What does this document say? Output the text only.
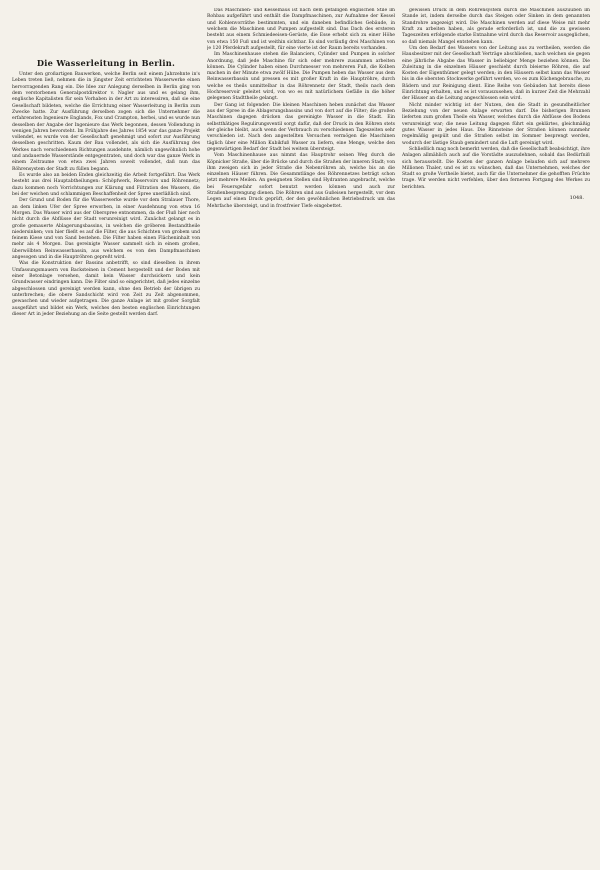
Die Wasserleitung in Berlin.

Unter den großartigen Bauwerken, welche Berlin seit einem Jahrzehnte in's Leben treten ließ, nehmen die in jüngster Zeit errichteten Wasserwerke einen hervorragenden Rang ein. Die Idee zur Anlegung derselben in Berlin ging von dem verstorbenen Generalpostdirektor v. Nagler aus und es gelang ihm, englische Kapitalisten für sein Vorhaben in der Art zu interessiren, daß sie eine Gesellschaft bildeten, welche die Errichtung einer Wasserleitung in Berlin zum Zwecke hatte. Zur Ausführung derselben zogen sich die Unternehmer die erfahrensten Ingenieure Englands, Fox und Crampton, herbei, und es wurde nun desselben der Angabe der Ingenieure das Werk begonnen, dessen Vollendung in wenigen Jahren bevorsteht. Im Frühjahre des Jahres 1854 war das ganze Projekt vollendet, es wurde von der Gesellschaft genehmigt und sofort zur Ausführung desselben geschritten. Kaum der Bau vollendet, als sich die Ausführung des Werkes nach verschiedenen Richtungen ausdehnte, nämlich ungewöhnlich hohe und andauernde Wasserstände entgegentraten, und doch war das ganze Werk in einem Zeitraume von etwa zwei Jahren soweit vollendet, daß nun das Röhrensystem der Stadt zu füllen begann.

Es wurde also an beiden Enden gleichzeitig die Arbeit fortgeführt. Das Werk besteht aus drei Hauptabtheilungen: Schöpfwerk, Reservoirs und Röhrennetz; dazu kommen noch Vorrichtungen zur Klärung und Filtration des Wassers, die bei der weichen und schlammigen Beschaffenheit der Spree unerläßlich sind.

Der Grund und Boden für die Wasserwerke wurde vor dem Stralauer Thore, an dem linken Ufer der Spree erworben, in einer Ausdehnung von etwa 16 Morgen. Das Wasser wird aus der Oberspree entnommen, da der Fluß hier noch nicht durch die Abflüsse der Stadt verunreinigt wird. Zunächst gelangt es in große gemauerte Ablagerungsbassins, in welchen die gröberen Bestandtheile niedersinken; von hier fließt es auf die Filter, die aus Schichten von grobem und feinem Kiese und von Sand bestehen. Die Filter haben einen Flächeninhalt von mehr als 4 Morgen. Das gereinigte Wasser sammelt sich in einem großen, überwölbten Reinwasserbassin, aus welchem es von den Dampfmaschinen angesogen und in die Hauptröhren gepreßt wird.

Was die Konstruktion der Bassins anbetrifft, so sind dieselben in ihrem Umfassungsmauern von Backsteinen in Cement hergestellt und der Boden mit einer Betonlage versehen, damit kein Wasser durchsickern und kein Grundwasser eindringen kann. Die Filter sind so eingerichtet, daß jedes einzelne abgeschlossen und gereinigt werden kann, ohne den Betrieb der übrigen zu unterbrechen; die obere Sandschicht wird von Zeit zu Zeit abgenommen, gewaschen und wieder aufgetragen. Die ganze Anlage ist mit großer Sorgfalt ausgeführt und bildet ein Werk, welches den besten englischen Einrichtungen dieser Art in jeder Beziehung an die Seite gestellt werden darf.

Das Maschinen- und Kesselhaus ist nach dem gefälligen englischen Stile im Rohbau aufgeführt und enthält die Dampfmaschinen, zur Aufnahme der Kessel und Kohlenvorräthe bestimmten, und ein daneben befindliches Gebäude, in welchem die Maschinen und Pumpen aufgestellt sind. Das Dach des ersteren besteht aus einem Schmiedeeisen-Gerüste, die Esse erhebt sich zu einer Höhe von etwa 150 Fuß und ist weithin sichtbar. Es sind vorläufig drei Maschinen von je 120 Pferdekraft aufgestellt, für eine vierte ist der Raum bereits vorhanden.

Im Maschinenhause stehen die Balanciers, Cylinder und Pumpen in solcher Anordnung, daß jede Maschine für sich oder mehrere zusammen arbeiten können. Die Cylinder haben einen Durchmesser von mehreren Fuß, die Kolben machen in der Minute etwa zwölf Hübe. Die Pumpen heben das Wasser aus dem Reinwasserbassin und pressen es mit großer Kraft in die Hauptröhre, durch welche es theils unmittelbar in das Röhrennetz der Stadt, theils nach dem Hochreservoir geleitet wird, von wo es mit natürlichem Gefälle in die höher gelegenen Stadttheile gelangt.

Der Gang ist folgender: Die kleinen Maschinen heben zunächst das Wasser aus der Spree in die Ablagerungsbassins und von dort auf die Filter; die großen Maschinen dagegen drücken das gereinigte Wasser in die Stadt. Ein selbstthätiges Regulirungsventil sorgt dafür, daß der Druck in den Röhren stets der gleiche bleibt, auch wenn der Verbrauch zu verschiedenen Tageszeiten sehr verschieden ist. Nach den angestellten Versuchen vermögen die Maschinen täglich über eine Million Kubikfuß Wasser zu liefern, eine Menge, welche den gegenwärtigen Bedarf der Stadt bei weitem übersteigt.

Vom Maschinenhause aus nimmt das Hauptrohr seinen Weg durch die Köpnicker Straße, über die Brücke und durch die Straßen der inneren Stadt; von ihm zweigen sich in jeder Straße die Nebenröhren ab, welche bis an die einzelnen Häuser führen. Die Gesammtlänge des Röhrennetzes beträgt schon jetzt mehrere Meilen. An geeigneten Stellen sind Hydranten angebracht, welche bei Feuersgefahr sofort benutzt werden können und auch zur Straßenbesprengung dienen. Die Röhren sind aus Gußeisen hergestellt, vor dem Legen auf einen Druck geprüft, der den gewöhnlichen Betriebsdruck um das Mehrfache übersteigt, und in frostfreier Tiefe eingebettet.

gewissen Druck in dem Röhrensystem durch die Maschinen auszuüben im Stande ist, indem derselbe durch das Steigen oder Sinken in dem genannten Standrohre angezeigt wird. Die Maschinen werden auf diese Weise mit mehr Kraft zu arbeiten haben, als gerade erforderlich ist, und die zu gewissen Tageszeiten erfolgende starke Entnahme wird durch das Reservoir ausgeglichen, so daß niemals Mangel entstehen kann.

Um den Bedarf des Wassers von der Leitung aus zu vertheilen, werden die Hausbesitzer mit der Gesellschaft Verträge abschließen, nach welchen sie gegen eine jährliche Abgabe das Wasser in beliebiger Menge beziehen können. Die Zuleitung in die einzelnen Häuser geschieht durch bleierne Röhren, die auf Kosten der Eigenthümer gelegt werden; in den Häusern selbst kann das Wasser bis in die obersten Stockwerke geführt werden, wo es zum Küchengebrauche, zu Bädern und zur Reinigung dient. Eine Reihe von Gebäuden hat bereits diese Einrichtung erhalten, und es ist vorauszusehen, daß in kurzer Zeit die Mehrzahl der Häuser an die Leitung angeschlossen sein wird.

Nicht minder wichtig ist der Nutzen, den die Stadt in gesundheitlicher Beziehung von der neuen Anlage erwarten darf. Die bisherigen Brunnen lieferten zum großen Theile ein Wasser, welches durch die Abflüsse des Bodens verunreinigt war; die neue Leitung dagegen führt ein geklärtes, gleichmäßig gutes Wasser in jedes Haus. Die Rinnsteine der Straßen können nunmehr regelmäßig gespült und die Straßen selbst im Sommer besprengt werden, wodurch der lästige Staub gemindert und die Luft gereinigt wird.

Schließlich mag noch bemerkt werden, daß die Gesellschaft beabsichtigt, ihre Anlagen allmählich auch auf die Vorstädte auszudehnen, sobald das Bedürfniß sich herausstellt. Die Kosten der ganzen Anlage belaufen sich auf mehrere Millionen Thaler, und es ist zu wünschen, daß das Unternehmen, welches der Stadt so große Vortheile bietet, auch für die Unternehmer die gehofften Früchte trage. Wir werden nicht verfehlen, über den ferneren Fortgang des Werkes zu berichten.

1048.
